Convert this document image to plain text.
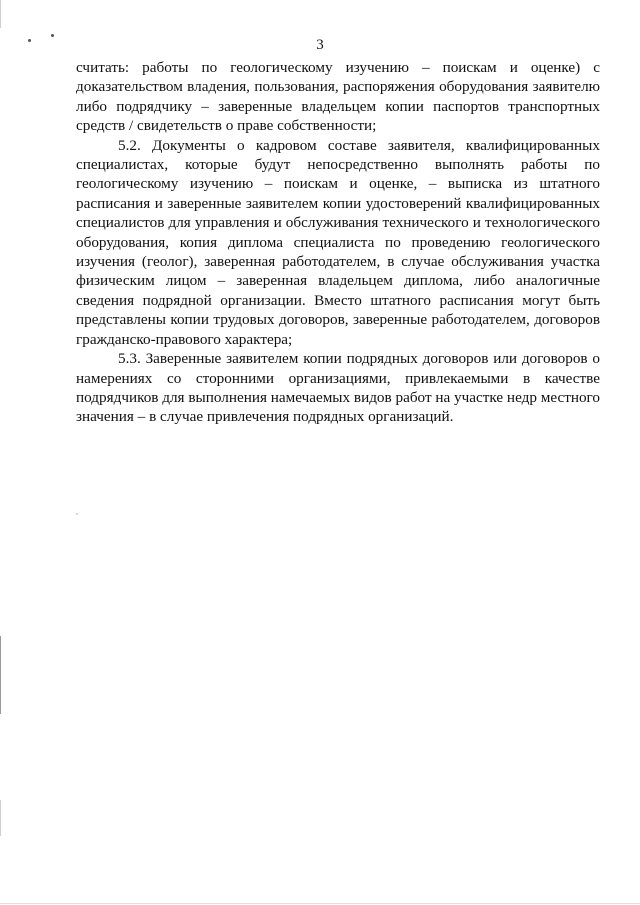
3

считать: работы по геологическому изучению – поискам и оценке) с доказательством владения, пользования, распоряжения оборудования заявителю либо подрядчику – заверенные владельцем копии паспортов транспортных средств / свидетельств о праве собственности;

5.2. Документы о кадровом составе заявителя, квалифицированных специалистах, которые будут непосредственно выполнять работы по геологическому изучению – поискам и оценке, – выписка из штатного расписания и заверенные заявителем копии удостоверений квалифицированных специалистов для управления и обслуживания технического и технологического оборудования, копия диплома специалиста по проведению геологического изучения (геолог), заверенная работодателем, в случае обслуживания участка физическим лицом – заверенная владельцем диплома, либо аналогичные сведения подрядной организации. Вместо штатного расписания могут быть представлены копии трудовых договоров, заверенные работодателем, договоров гражданско-правового характера;

5.3. Заверенные заявителем копии подрядных договоров или договоров о намерениях со сторонними организациями, привлекаемыми в качестве подрядчиков для выполнения намечаемых видов работ на участке недр местного значения – в случае привлечения подрядных организаций.
